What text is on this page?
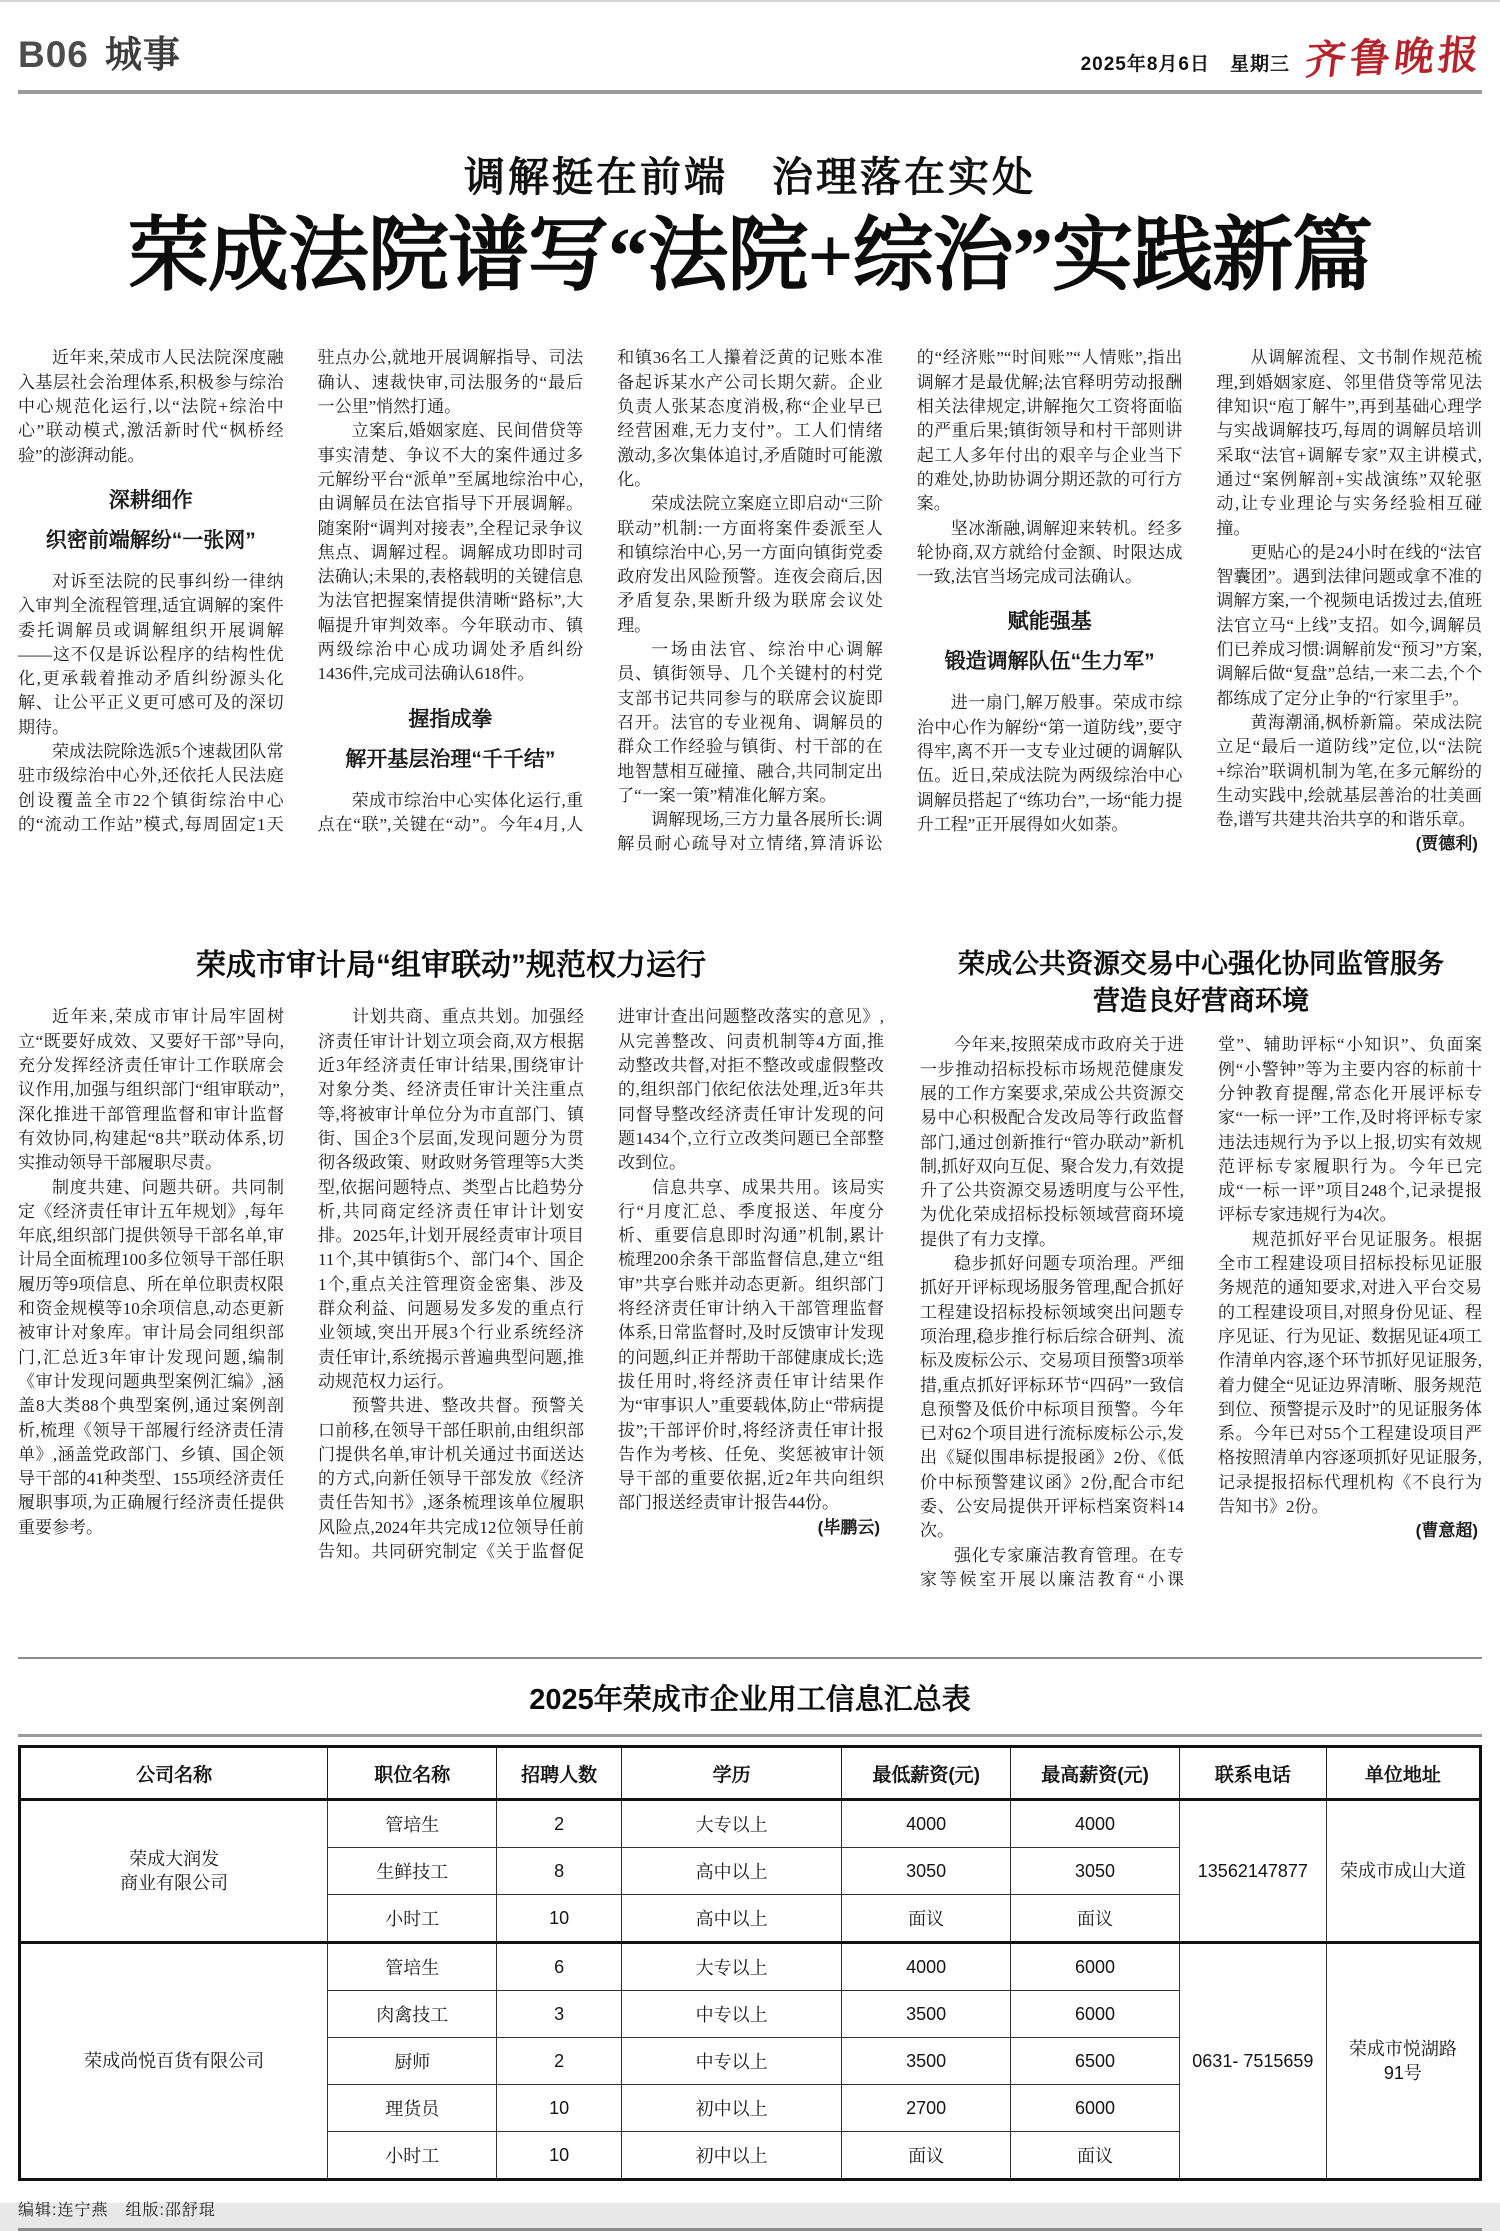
B06 城事	2025年8月6日　 星期三 齐鲁晚报
调解挺在前端　治理落在实处
荣成法院谱写“法院+综治”实践新篇

近年来,荣成市人民法院深度融入基层社会治理体系,积极参与综治中心规范化运行,以“法院+综治中心”联动模式,激活新时代“枫桥经验”的澎湃动能。

深耕细作
织密前端解纷“一张网”

对诉至法院的民事纠纷一律纳入审判全流程管理,适宜调解的案件委托调解员或调解组织开展调解——这不仅是诉讼程序的结构性优化,更承载着推动矛盾纠纷源头化解、让公平正义更可感可及的深切期待。

荣成法院除选派5个速裁团队常驻市级综治中心外,还依托人民法庭创设覆盖全市22个镇街综治中心的“流动工作站”模式,每周固定1天驻点办公,就地开展调解指导、司法确认、速裁快审,司法服务的“最后一公里”悄然打通。

立案后,婚姻家庭、民间借贷等事实清楚、争议不大的案件通过多元解纷平台“派单”至属地综治中心,由调解员在法官指导下开展调解。随案附“调判对接表”,全程记录争议焦点、调解过程。调解成功即时司法确认;未果的,表格载明的关键信息为法官把握案情提供清晰“路标”,大幅提升审判效率。今年联动市、镇两级综治中心成功调处矛盾纠纷1436件,完成司法确认618件。

握指成拳
解开基层治理“千千结”

荣成市综治中心实体化运行,重点在“联”,关键在“动”。今年4月,人和镇36名工人攥着泛黄的记账本准备起诉某水产公司长期欠薪。企业负责人张某态度消极,称“企业早已经营困难,无力支付”。工人们情绪激动,多次集体追讨,矛盾随时可能激化。

荣成法院立案庭立即启动“三阶联动”机制:一方面将案件委派至人和镇综治中心,另一方面向镇街党委政府发出风险预警。连夜会商后,因矛盾复杂,果断升级为联席会议处理。

一场由法官、综治中心调解员、镇街领导、几个关键村的村党支部书记共同参与的联席会议旋即召开。法官的专业视角、调解员的群众工作经验与镇街、村干部的在地智慧相互碰撞、融合,共同制定出了“一案一策”精准化解方案。

调解现场,三方力量各展所长:调解员耐心疏导对立情绪,算清诉讼的“经济账”“时间账”“人情账”,指出调解才是最优解;法官释明劳动报酬相关法律规定,讲解拖欠工资将面临的严重后果;镇街领导和村干部则讲起工人多年付出的艰辛与企业当下的难处,协助协调分期还款的可行方案。

坚冰渐融,调解迎来转机。经多轮协商,双方就给付金额、时限达成一致,法官当场完成司法确认。

赋能强基
锻造调解队伍“生力军”

进一扇门,解万般事。荣成市综治中心作为解纷“第一道防线”,要守得牢,离不开一支专业过硬的调解队伍。近日,荣成法院为两级综治中心调解员搭起了“练功台”,一场“能力提升工程”正开展得如火如荼。

从调解流程、文书制作规范梳理,到婚姻家庭、邻里借贷等常见法律知识“庖丁解牛”,再到基础心理学与实战调解技巧,每周的调解员培训采取“法官+调解专家”双主讲模式,通过“案例解剖+实战演练”双轮驱动,让专业理论与实务经验相互碰撞。

更贴心的是24小时在线的“法官智囊团”。遇到法律问题或拿不准的调解方案,一个视频电话拨过去,值班法官立马“上线”支招。如今,调解员们已养成习惯:调解前发“预习”方案,调解后做“复盘”总结,一来二去,个个都练成了定分止争的“行家里手”。

黄海潮涌,枫桥新篇。荣成法院立足“最后一道防线”定位,以“法院+综治”联调机制为笔,在多元解纷的生动实践中,绘就基层善治的壮美画卷,谱写共建共治共享的和谐乐章。

(贾德利)

荣成市审计局“组审联动”规范权力运行

近年来,荣成市审计局牢固树立“既要好成效、又要好干部”导向,充分发挥经济责任审计工作联席会议作用,加强与组织部门“组审联动”,深化推进干部管理监督和审计监督有效协同,构建起“8共”联动体系,切实推动领导干部履职尽责。

制度共建、问题共研。共同制定《经济责任审计五年规划》,每年年底,组织部门提供领导干部名单,审计局全面梳理100多位领导干部任职履历等9项信息、所在单位职责权限和资金规模等10余项信息,动态更新被审计对象库。审计局会同组织部门,汇总近3年审计发现问题,编制《审计发现问题典型案例汇编》,涵盖8大类88个典型案例,通过案例剖析,梳理《领导干部履行经济责任清单》,涵盖党政部门、乡镇、国企领导干部的41种类型、155项经济责任履职事项,为正确履行经济责任提供重要参考。

计划共商、重点共划。加强经济责任审计计划立项会商,双方根据近3年经济责任审计结果,围绕审计对象分类、经济责任审计关注重点等,将被审计单位分为市直部门、镇街、国企3个层面,发现问题分为贯彻各级政策、财政财务管理等5大类型,依据问题特点、类型占比趋势分析,共同商定经济责任审计计划安排。2025年,计划开展经责审计项目11个,其中镇街5个、部门4个、国企1个,重点关注管理资金密集、涉及群众利益、问题易发多发的重点行业领域,突出开展3个行业系统经济责任审计,系统揭示普遍典型问题,推动规范权力运行。

预警共进、整改共督。预警关口前移,在领导干部任职前,由组织部门提供名单,审计机关通过书面送达的方式,向新任领导干部发放《经济责任告知书》,逐条梳理该单位履职风险点,2024年共完成12位领导任前告知。共同研究制定《关于监督促进审计查出问题整改落实的意见》,从完善整改、问责机制等4方面,推动整改共督,对拒不整改或虚假整改的,组织部门依纪依法处理,近3年共同督导整改经济责任审计发现的问题1434个,立行立改类问题已全部整改到位。

信息共享、成果共用。该局实行“月度汇总、季度报送、年度分析、重要信息即时沟通”机制,累计梳理200余条干部监督信息,建立“组审”共享台账并动态更新。组织部门将经济责任审计纳入干部管理监督体系,日常监督时,及时反馈审计发现的问题,纠正并帮助干部健康成长;选拔任用时,将经济责任审计结果作为“审事识人”重要载体,防止“带病提拔”;干部评价时,将经济责任审计报告作为考核、任免、奖惩被审计领导干部的重要依据,近2年共向组织部门报送经责审计报告44份。

(毕鹏云)

荣成公共资源交易中心强化协同监管服务
营造良好营商环境

今年来,按照荣成市政府关于进一步推动招标投标市场规范健康发展的工作方案要求,荣成公共资源交易中心积极配合发改局等行政监督部门,通过创新推行“管办联动”新机制,抓好双向互促、聚合发力,有效提升了公共资源交易透明度与公平性,为优化荣成招标投标领域营商环境提供了有力支撑。

稳步抓好问题专项治理。严细抓好开评标现场服务管理,配合抓好工程建设招标投标领域突出问题专项治理,稳步推行标后综合研判、流标及废标公示、交易项目预警3项举措,重点抓好评标环节“四码”一致信息预警及低价中标项目预警。今年已对62个项目进行流标废标公示,发出《疑似围串标提报函》2份、《低价中标预警建议函》2份,配合市纪委、公安局提供开评标档案资料14次。

强化专家廉洁教育管理。在专家等候室开展以廉洁教育“小课堂”、辅助评标“小知识”、负面案例“小警钟”等为主要内容的标前十分钟教育提醒,常态化开展评标专家“一标一评”工作,及时将评标专家违法违规行为予以上报,切实有效规范评标专家履职行为。今年已完成“一标一评”项目248个,记录提报评标专家违规行为4次。

规范抓好平台见证服务。根据全市工程建设项目招标投标见证服务规范的通知要求,对进入平台交易的工程建设项目,对照身份见证、程序见证、行为见证、数据见证4项工作清单内容,逐个环节抓好见证服务,着力健全“见证边界清晰、服务规范到位、预警提示及时”的见证服务体系。今年已对55个工程建设项目严格按照清单内容逐项抓好见证服务,记录提报招标代理机构《不良行为告知书》2份。

(曹意超)

2025年荣成市企业用工信息汇总表
公司名称	职位名称	招聘人数	学历	最低薪资(元)	最高薪资(元)	联系电话	单位地址

荣成大润发
商业有限公司	管培生	2	大专以上	4000	4000	13562147877	荣成市成山大道

	生鲜技工	8	高中以上	3050	3050		
	小时工	10	高中以上	面议	面议		

荣成尚悦百货有限公司	管培生	6	大专以上	4000	6000	0631- 7515659	荣成市悦湖路
91号

	肉禽技工	3	中专以上	3500	6000		
	厨师	2	中专以上	3500	6500		
	理货员	10	初中以上	2700	6000		
	小时工	10	初中以上	面议	面议		
编辑:连宁燕　组版:邵舒琨
